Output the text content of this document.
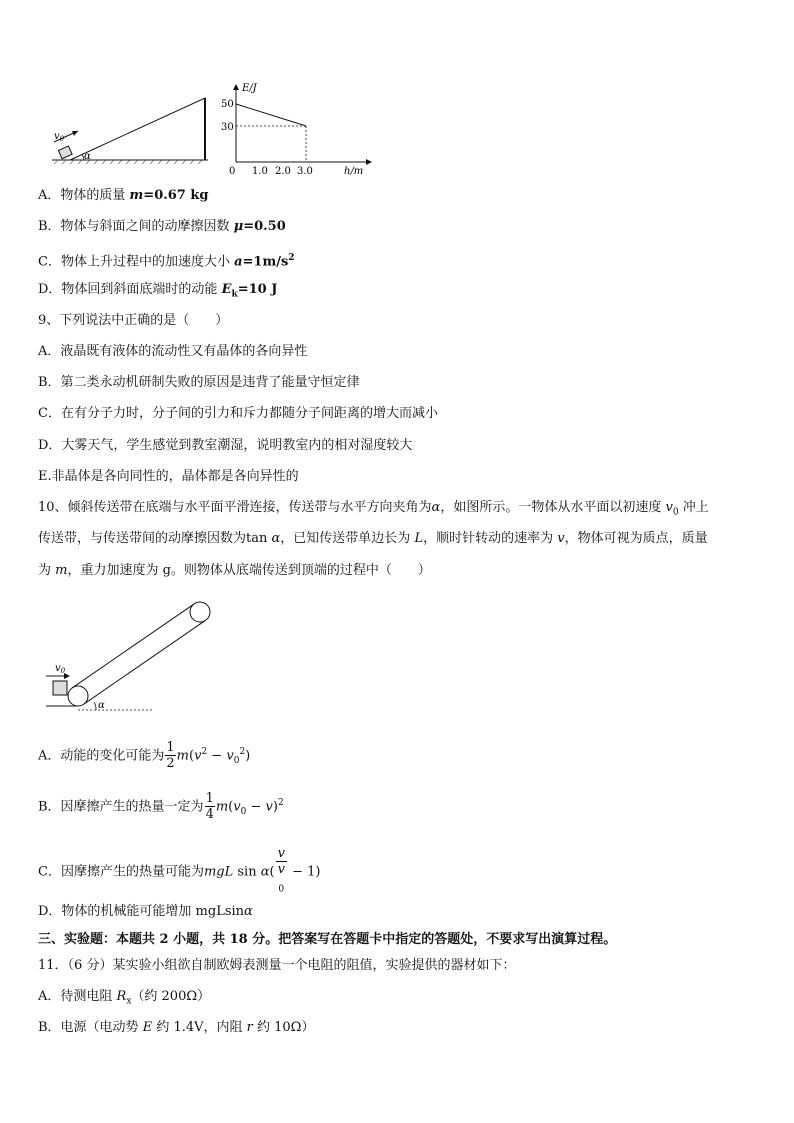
$v_0$
α
E/J
h/m
50
30
0 1.0 2.0 3.0
A．物体的质量 m=0.67 kg
B．物体与斜面之间的动摩擦因数 μ=0.50
C．物体上升过程中的加速度大小 $a=1m/s^2$
D．物体回到斜面底端时的动能 $E_k=10$ J
9、下列说法中正确的是（　　）
A．液晶既有液体的流动性又有晶体的各向异性
B．第二类永动机研制失败的原因是违背了能量守恒定律
C．在有分子力时，分子间的引力和斥力都随分子间距离的增大而减小
D．大雾天气，学生感觉到教室潮湿，说明教室内的相对湿度较大
E.非晶体是各向同性的，晶体都是各向异性的
10、倾斜传送带在底端与水平面平滑连接，传送带与水平方向夹角为α，如图所示。一物体从水平面以初速度 $v_0$ 冲上
传送带，与传送带间的动摩擦因数为tan α，已知传送带单边长为 L，顺时针转动的速率为 v，物体可视为质点，质量
为 m，重力加速度为 g。则物体从底端传送到顶端的过程中（　　）
$v_0$
α
A．动能的变化可能为 $\frac{1}{2} m(v^2 - v_0^2)$
B．因摩擦产生的热量一定为 $\frac{1}{4} m(v_0 - v)^2$
C．因摩擦产生的热量可能为mgL sin α( v
v
$_0$ − 1)
D．物体的机械能可能增加 mgLsinα
三、实验题：本题共 2 小题，共 18 分。把答案写在答题卡中指定的答题处，不要求写出演算过程。
11．（6 分）某实验小组欲自制欧姆表测量一个电阻的阻值，实验提供的器材如下：
A．待测电阻 $R_x$（约 200Ω）
B．电源（电动势 E 约 1.4V，内阻 r 约 10Ω）
